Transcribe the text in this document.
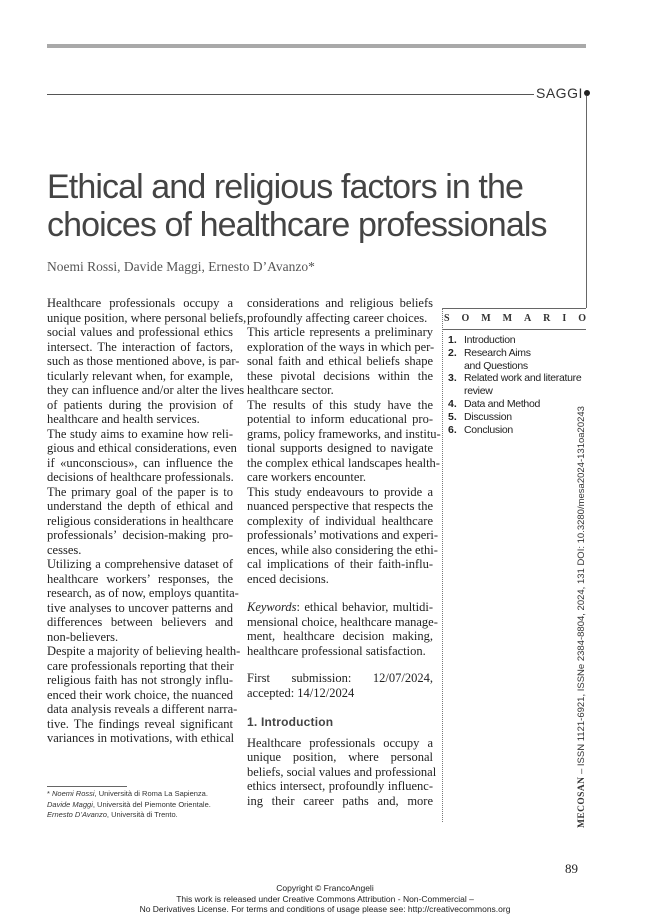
SAGGI
Ethical and religious factors in the
choices of healthcare professionals
Noemi Rossi, Davide Maggi, Ernesto D’Avanzo*
Healthcare professionals occupy a
unique position, where personal beliefs,
social values and professional ethics
intersect. The interaction of factors,
such as those mentioned above, is par-
ticularly relevant when, for example,
they can influence and/or alter the lives
of patients during the provision of
healthcare and health services.
The study aims to examine how reli-
gious and ethical considerations, even
if «unconscious», can influence the
decisions of healthcare professionals.
The primary goal of the paper is to
understand the depth of ethical and
religious considerations in healthcare
professionals’ decision-making pro-
cesses.
Utilizing a comprehensive dataset of
healthcare workers’ responses, the
research, as of now, employs quantita-
tive analyses to uncover patterns and
differences between believers and
non-believers.
Despite a majority of believing health-
care professionals reporting that their
religious faith has not strongly influ-
enced their work choice, the nuanced
data analysis reveals a different narra-
tive. The findings reveal significant
variances in motivations, with ethical
considerations and religious beliefs
profoundly affecting career choices.
This article represents a preliminary
exploration of the ways in which per-
sonal faith and ethical beliefs shape
these pivotal decisions within the
healthcare sector.
The results of this study have the
potential to inform educational pro-
grams, policy frameworks, and institu-
tional supports designed to navigate
the complex ethical landscapes health-
care workers encounter.
This study endeavours to provide a
nuanced perspective that respects the
complexity of individual healthcare
professionals’ motivations and experi-
ences, while also considering the ethi-
cal implications of their faith-influ-
enced decisions.
Keywords: ethical behavior, multidi-
mensional choice, healthcare manage-
ment, healthcare decision making,
healthcare professional satisfaction.
First submission: 12/07/2024,
accepted: 14/12/2024
1. Introduction
Healthcare professionals occupy a
unique position, where personal
beliefs, social values and professional
ethics intersect, profoundly influenc-
ing their career paths and, more
S O M M A R I O
1. Introduction
2. Research Aims
and Questions
3. Related work and literature
review
4. Data and Method
5. Discussion
6. Conclusion
* Noemi Rossi, Università di Roma La Sapienza.
Davide Maggi, Università del Piemonte Orientale.
Ernesto D’Avanzo, Università di Trento.	MECOSAN – ISSN 1121-6921, ISSNe 2384-8804, 2024, 131 DOI: 10.3280/mesa2024-131oa20243
89
Copyright © FrancoAngeli
This work is released under Creative Commons Attribution - Non-Commercial –
No Derivatives License. For terms and conditions of usage please see: http://creativecommons.org
